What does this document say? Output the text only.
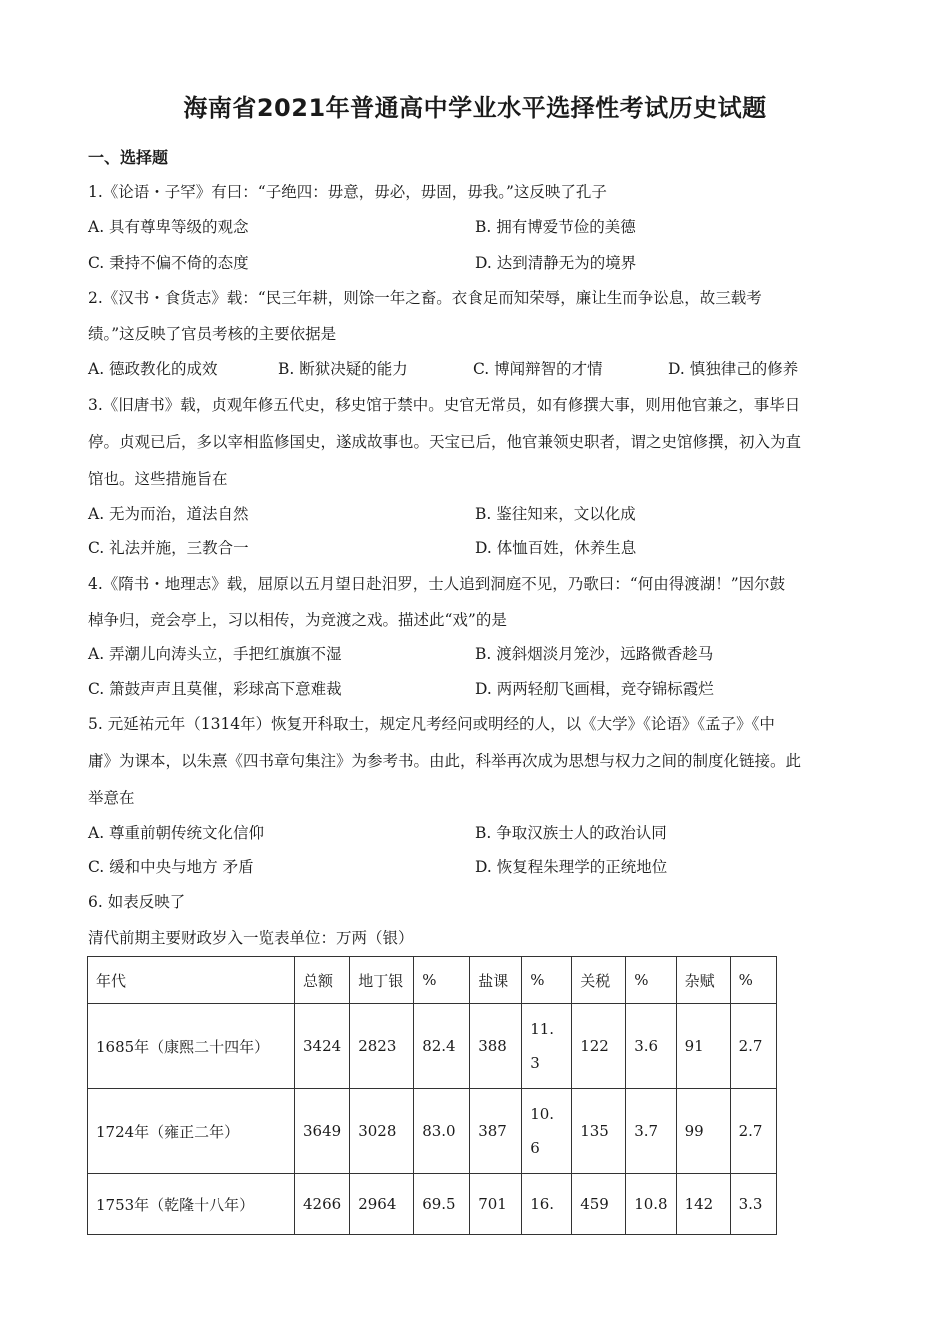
海南省2021年普通高中学业水平选择性考试历史试题
一、选择题
1.《论语・子罕》有曰：“子绝四：毋意，毋必，毋固，毋我。”这反映了孔子
A. 具有尊卑等级的观念	B. 拥有博爱节俭的美德
C. 秉持不偏不倚的态度	D. 达到清静无为的境界
2.《汉书・食货志》载：“民三年耕，则馀一年之畜。衣食足而知荣辱，廉让生而争讼息，故三载考
绩。”这反映了官员考核的主要依据是
A. 德政教化的成效	B. 断狱决疑的能力	C. 博闻辩智的才情	D. 慎独律己的修养
3.《旧唐书》载，贞观年修五代史，移史馆于禁中。史官无常员，如有修撰大事，则用他官兼之，事毕日
停。贞观已后，多以宰相监修国史，遂成故事也。天宝已后，他官兼领史职者，谓之史馆修撰，初入为直
馆也。这些措施旨在
A. 无为而治，道法自然	B. 鉴往知来，文以化成
C. 礼法并施，三教合一	D. 体恤百姓，休养生息
4.《隋书・地理志》载，屈原以五月望日赴汨罗，士人追到洞庭不见，乃歌曰：“何由得渡湖！”因尔鼓
棹争归，竞会亭上，习以相传，为竞渡之戏。描述此“戏”的是
A. 弄潮儿向涛头立，手把红旗旗不湿	B. 渡斜烟淡月笼沙，远路微香趁马
C. 箫鼓声声且莫催，彩球高下意难裁	D. 两两轻舠飞画楫，竞夺锦标霞烂
5. 元延祐元年（1314年）恢复开科取士，规定凡考经问或明经的人，以《大学》《论语》《孟子》《中
庸》为课本，以朱熹《四书章句集注》为参考书。由此，科举再次成为思想与权力之间的制度化链接。此
举意在
A. 尊重前朝传统文化信仰	B. 争取汉族士人的政治认同
C. 缓和中央与地方 矛盾	D. 恢复程朱理学的正统地位
6. 如表反映了
清代前期主要财政岁入一览表单位：万两（银）
年代	总额	地丁银	%	盐课	%	关税	%	杂赋	%
1685年（康熙二十四年）	3424	2823	82.4	388	11.3	122	3.6	91	2.7
1724年（雍正二年）	3649	3028	83.0	387	10.6	135	3.7	99	2.7
1753年（乾隆十八年）	4266	2964	69.5	701	16.	459	10.8	142	3.3
